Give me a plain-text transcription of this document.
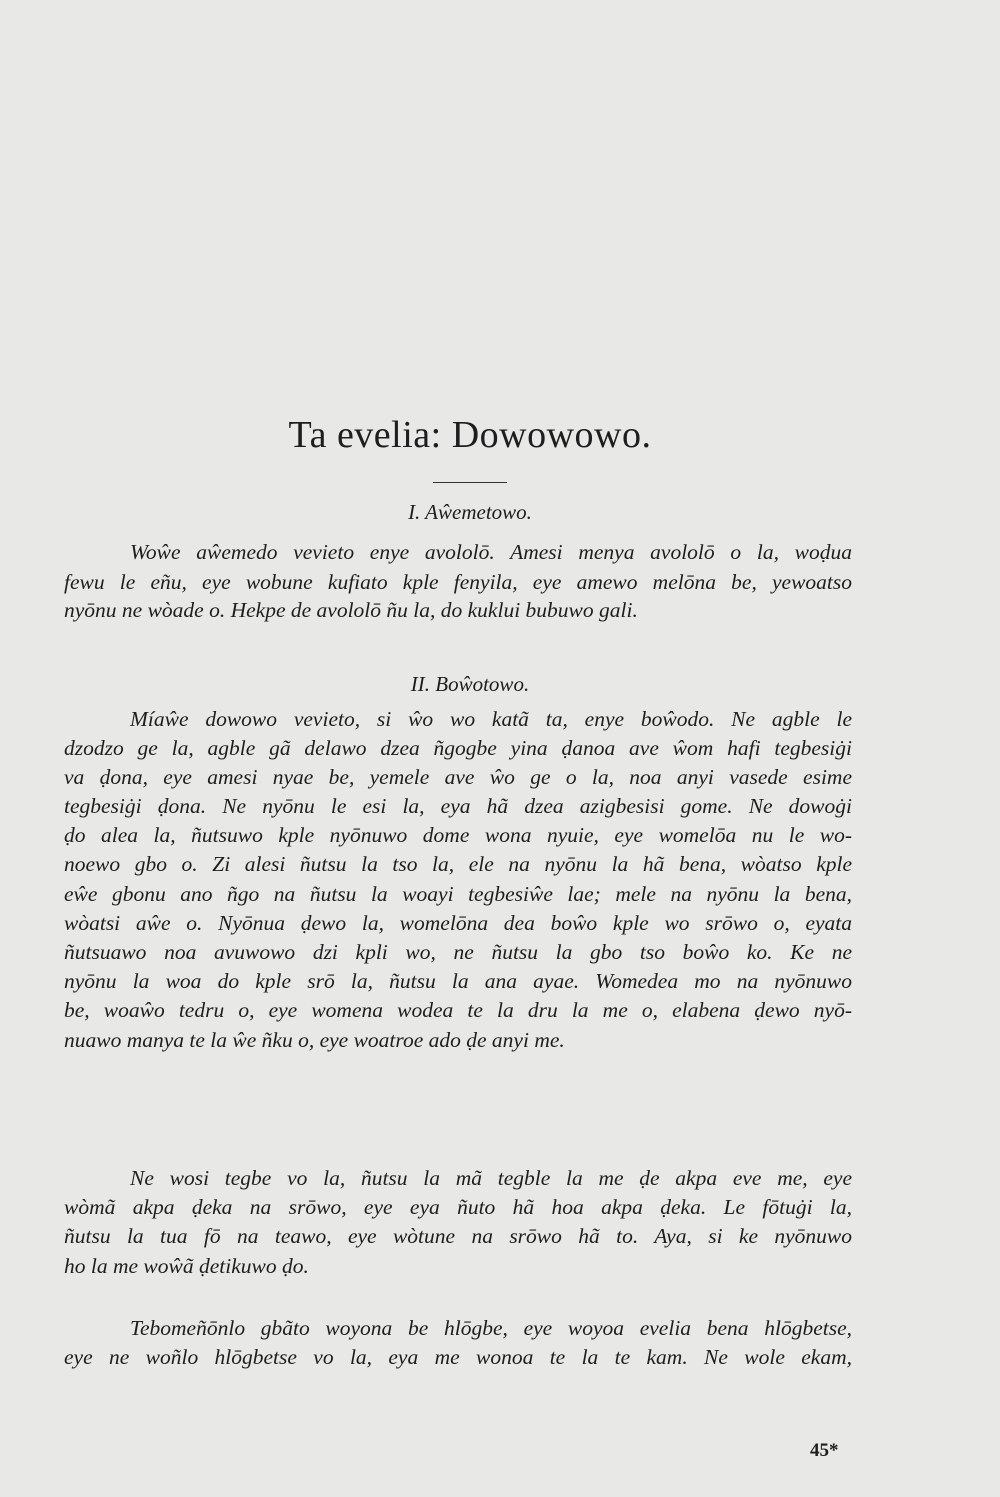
Ta evelia: Dowowowo.
I. Aŵemetowo.
Woŵe aŵemedo vevieto enye avololō. Amesi menya avololō o la, woḍua
fewu le eñu, eye wobune kufiato kple fenyila, eye amewo melōna be, yewoatso
nyōnu ne wòade o. Hekpe de avololō ñu la, do kuklui bubuwo gali.
II. Boŵotowo.
Míaŵe dowowo vevieto, si ŵo wo katã ta, enye boŵodo. Ne agble le
dzodzo ge la, agble gã delawo dzea ñgogbe yina ḍanoa ave ŵom hafi tegbesiġi
va ḍona, eye amesi nyae be, yemele ave ŵo ge o la, noa anyi vasede esime
tegbesiġi ḍona. Ne nyōnu le esi la, eya hã dzea azigbesisi gome. Ne dowoġi
ḍo alea la, ñutsuwo kple nyōnuwo dome wona nyuie, eye womelōa nu le wo-
noewo gbo o. Zi alesi ñutsu la tso la, ele na nyōnu la hã bena, wòatso kple
eŵe gbonu ano ñgo na ñutsu la woayi tegbesiŵe lae; mele na nyōnu la bena,
wòatsi aŵe o. Nyōnua ḍewo la, womelōna dea boŵo kple wo srōwo o, eyata
ñutsuawo noa avuwowo dzi kpli wo, ne ñutsu la gbo tso boŵo ko. Ke ne
nyōnu la woa do kple srō la, ñutsu la ana ayae. Womedea mo na nyōnuwo
be, woaŵo tedru o, eye womena wodea te la dru la me o, elabena ḍewo nyō-
nuawo manya te la ŵe ñku o, eye woatroe ado ḍe anyi me.
Ne wosi tegbe vo la, ñutsu la mã tegble la me ḍe akpa eve me, eye
wòmã akpa ḍeka na srōwo, eye eya ñuto hã hoa akpa ḍeka. Le fōtuġi la,
ñutsu la tua fō na teawo, eye wòtune na srōwo hã to. Aya, si ke nyōnuwo
ho la me woŵã ḍetikuwo ḍo.
Tebomeñōnlo gbãto woyona be hlōgbe, eye woyoa evelia bena hlōgbetse,
eye ne woñlo hlōgbetse vo la, eya me wonoa te la te kam. Ne wole ekam,
45*
